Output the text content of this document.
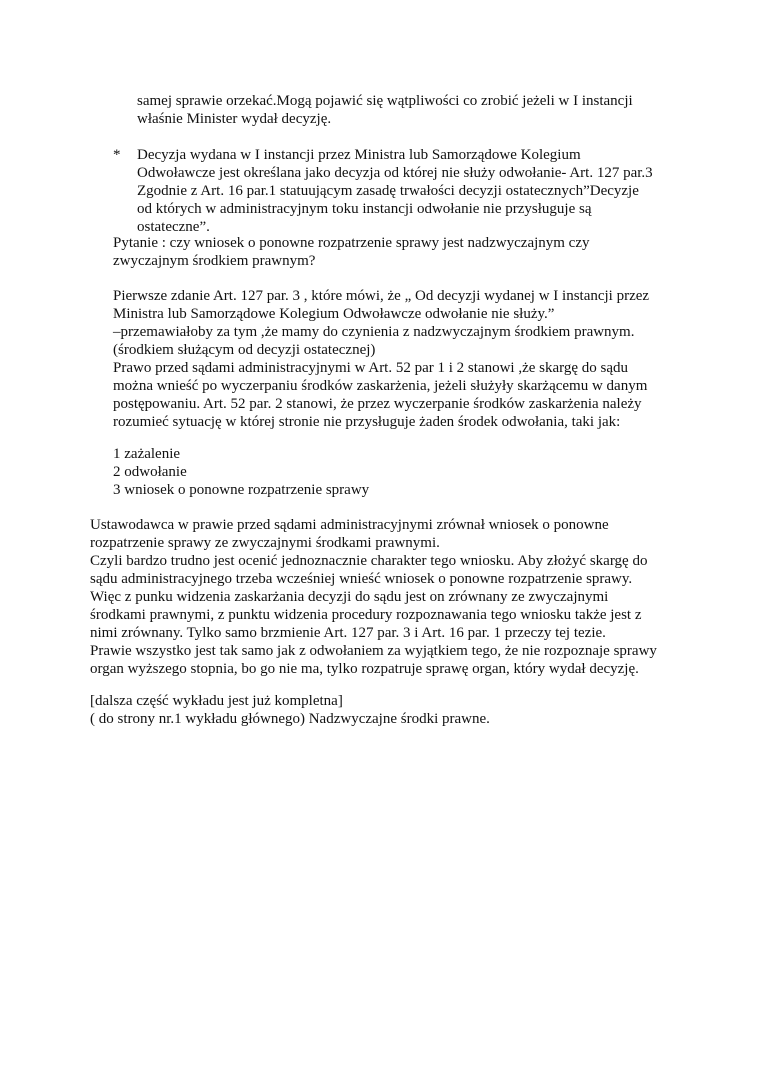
samej sprawie orzekać.Mogą pojawić się wątpliwości co zrobić jeżeli w I instancji
właśnie Minister wydał decyzję.
* Decyzja wydana w I instancji przez Ministra lub Samorządowe Kolegium
Odwoławcze jest określana jako decyzja od której nie służy odwołanie- Art. 127 par.3
Zgodnie z Art. 16 par.1 statuującym zasadę trwałości decyzji ostatecznych”Decyzje
od których w administracyjnym toku instancji odwołanie nie przysługuje są
ostateczne”.
Pytanie : czy wniosek o ponowne rozpatrzenie sprawy jest nadzwyczajnym czy
zwyczajnym środkiem prawnym?
Pierwsze zdanie Art. 127 par. 3 , które mówi, że „ Od decyzji wydanej w I instancji przez
Ministra lub Samorządowe Kolegium Odwoławcze odwołanie nie służy.”
–przemawiałoby za tym ,że mamy do czynienia z nadzwyczajnym środkiem prawnym.
(środkiem służącym od decyzji ostatecznej)
Prawo przed sądami administracyjnymi w Art. 52 par 1 i 2 stanowi ,że skargę do sądu
można wnieść po wyczerpaniu środków zaskarżenia, jeżeli służyły skarżącemu w danym
postępowaniu. Art. 52 par. 2 stanowi, że przez wyczerpanie środków zaskarżenia należy
rozumieć sytuację w której stronie nie przysługuje żaden środek odwołania, taki jak:
1 zażalenie
2 odwołanie
3 wniosek o ponowne rozpatrzenie sprawy
Ustawodawca w prawie przed sądami administracyjnymi zrównał wniosek o ponowne
rozpatrzenie sprawy ze zwyczajnymi środkami prawnymi.
Czyli bardzo trudno jest ocenić jednoznacznie charakter tego wniosku. Aby złożyć skargę do
sądu administracyjnego trzeba wcześniej wnieść wniosek o ponowne rozpatrzenie sprawy.
Więc z punku widzenia zaskarżania decyzji do sądu jest on zrównany ze zwyczajnymi
środkami prawnymi, z punktu widzenia procedury rozpoznawania tego wniosku także jest z
nimi zrównany. Tylko samo brzmienie Art. 127 par. 3 i Art. 16 par. 1 przeczy tej tezie.
Prawie wszystko jest tak samo jak z odwołaniem za wyjątkiem tego, że nie rozpoznaje sprawy
organ wyższego stopnia, bo go nie ma, tylko rozpatruje sprawę organ, który wydał decyzję.
[dalsza część wykładu jest już kompletna]
( do strony nr.1 wykładu głównego) Nadzwyczajne środki prawne.
